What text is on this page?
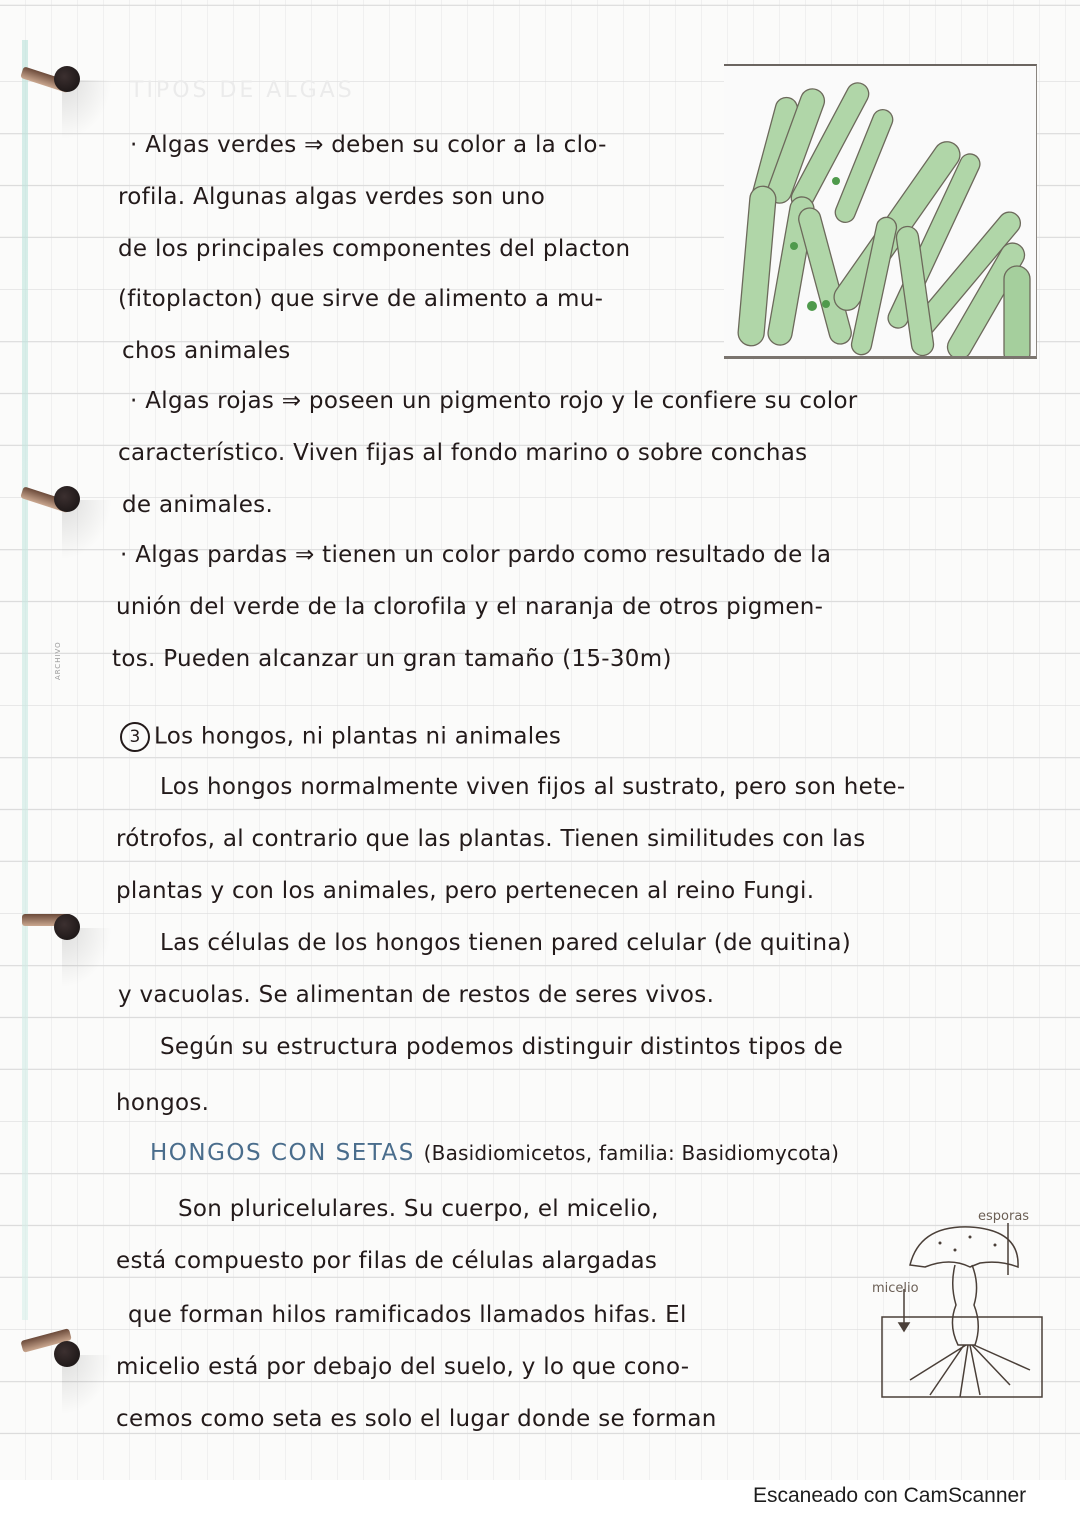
ARCHIVO
TIPOS DE ALGAS
· Algas verdes ⇒ deben su color a la clo-
rofila. Algunas algas verdes son uno
de los principales componentes del placton
(fitoplacton) que sirve de alimento a mu-
chos animales
· Algas rojas ⇒ poseen un pigmento rojo y le confiere su color
característico. Viven fijas al fondo marino o sobre conchas
de animales.
· Algas pardas ⇒ tienen un color pardo como resultado de la
unión del verde de la clorofila y el naranja de otros pigmen-
tos. Pueden alcanzar un gran tamaño (15-30m)
3 Los hongos, ni plantas ni animales
Los hongos normalmente viven fijos al sustrato, pero son hete-
rótrofos, al contrario que las plantas. Tienen similitudes con las
plantas y con los animales, pero pertenecen al reino Fungi.
Las células de los hongos tienen pared celular (de quitina)
y vacuolas. Se alimentan de restos de seres vivos.
Según su estructura podemos distinguir distintos tipos de
hongos.
HONGOS CON SETAS (Basidiomicetos, familia: Basidiomycota)
Son pluricelulares. Su cuerpo, el micelio,
está compuesto por filas de células alargadas
que forman hilos ramificados llamados hifas. El
micelio está por debajo del suelo, y lo que cono-
cemos como seta es solo el lugar donde se forman
esporas
micelio
Escaneado con CamScanner
